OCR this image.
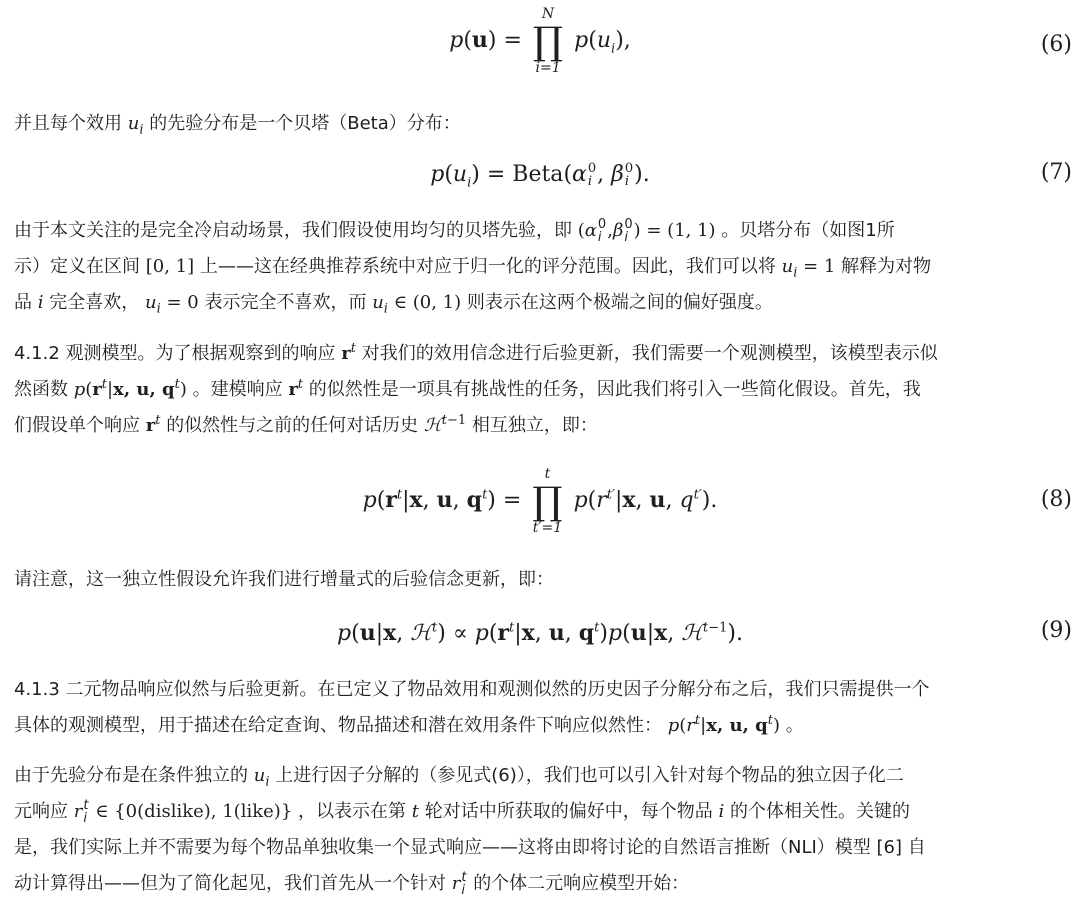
p(u) =
N
∏
i=1
$p(u_i)$,	(6)

并且每个效用 $u_i$ 的先验分布是一个贝塔（Beta）分布：

$p(u_i)$ = Beta(α 0
i , β 0
i ).	(7)

由于本文关注的是完全冷启动场景，我们假设使用均匀的贝塔先验，即 (α 0
i ,β 0
i ) = (1, 1) 。贝塔分布（如图1所
示）定义在区间 [0, 1] 上——这在经典推荐系统中对应于归一化的评分范围。因此，我们可以将 $u_i = 1$ 解释为对物
品 i 完全喜欢， $u_i = 0$ 表示完全不喜欢，而 $u_i$ ∈ (0, 1) 则表示在这两个极端之间的偏好强度。

4.1.2 观测模型。为了根据观察到的响应 $r^t$ 对我们的效用信念进行后验更新，我们需要一个观测模型，该模型表示似
然函数 $p(r^t|x$, u, $q^t$) 。建模响应 $r^t$ 的似然性是一项具有挑战性的任务，因此我们将引入一些简化假设。首先，我
们假设单个响应 $r^t$ 的似然性与之前的任何对话历史 ℋ$^{t-1}$ 相互独立，即：

$p(r^t|x$, u, $q^t$) =
t
∏
t′=1
$p(r^{t'}|x$, u, $q^{t'}$).	(8)

请注意，这一独立性假设允许我们进行增量式的后验信念更新，即：

p(u|x, ℋ$^t$) ∝ $p(r^t|x$, u, $q^t)p(u|x$, ℋ$^{t-1}$).	(9)

4.1.3 二元物品响应似然与后验更新。在已定义了物品效用和观测似然的历史因子分解分布之后，我们只需提供一个
具体的观测模型，用于描述在给定查询、物品描述和潜在效用条件下响应似然性： $p(r^t|x$, u, $q^t$) 。

由于先验分布是在条件独立的 $u_i$ 上进行因子分解的（参见式(6)），我们也可以引入针对每个物品的独立因子化二
元响应 r t
i ∈ {0(dislike), 1(like)} ，以表示在第 t 轮对话中所获取的偏好中，每个物品 i 的个体相关性。关键的
是，我们实际上并不需要为每个物品单独收集一个显式响应——这将由即将讨论的自然语言推断（NLI）模型 [6] 自
动计算得出——但为了简化起见，我们首先从一个针对 r t
i 的个体二元响应模型开始：
